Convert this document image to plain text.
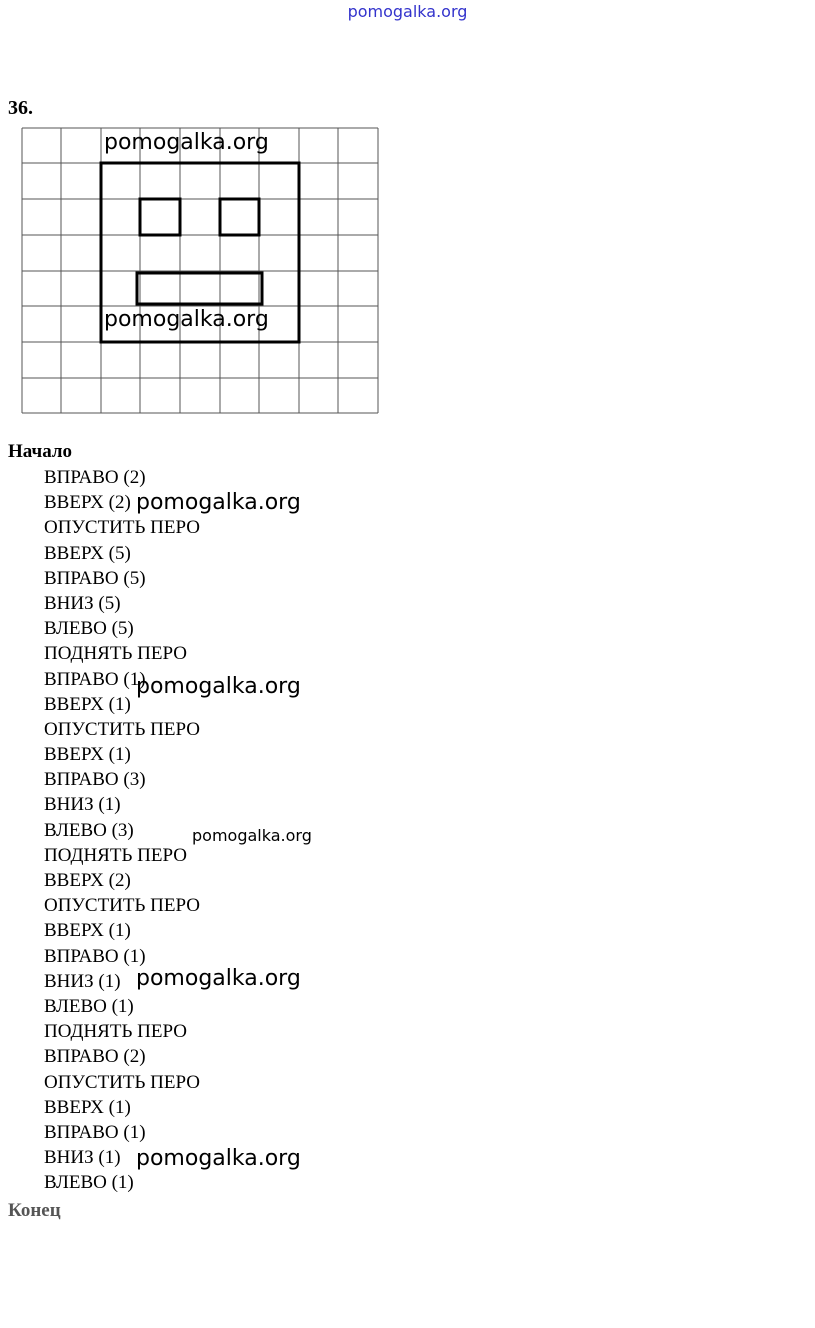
pomogalka.org
36.
pomogalka.org
pomogalka.org
Начало
ВПРАВО (2)
ВВЕРХ (2)
ОПУСТИТЬ ПЕРО
ВВЕРХ (5)
ВПРАВО (5)
ВНИЗ (5)
ВЛЕВО (5)
ПОДНЯТЬ ПЕРО
ВПРАВО (1)
ВВЕРХ (1)
ОПУСТИТЬ ПЕРО
ВВЕРХ (1)
ВПРАВО (3)
ВНИЗ (1)
ВЛЕВО (3)
ПОДНЯТЬ ПЕРО
ВВЕРХ (2)
ОПУСТИТЬ ПЕРО
ВВЕРХ (1)
ВПРАВО (1)
ВНИЗ (1)
ВЛЕВО (1)
ПОДНЯТЬ ПЕРО
ВПРАВО (2)
ОПУСТИТЬ ПЕРО
ВВЕРХ (1)
ВПРАВО (1)
ВНИЗ (1)
ВЛЕВО (1)
pomogalka.org
pomogalka.org
pomogalka.org
pomogalka.org
pomogalka.org
Конец
